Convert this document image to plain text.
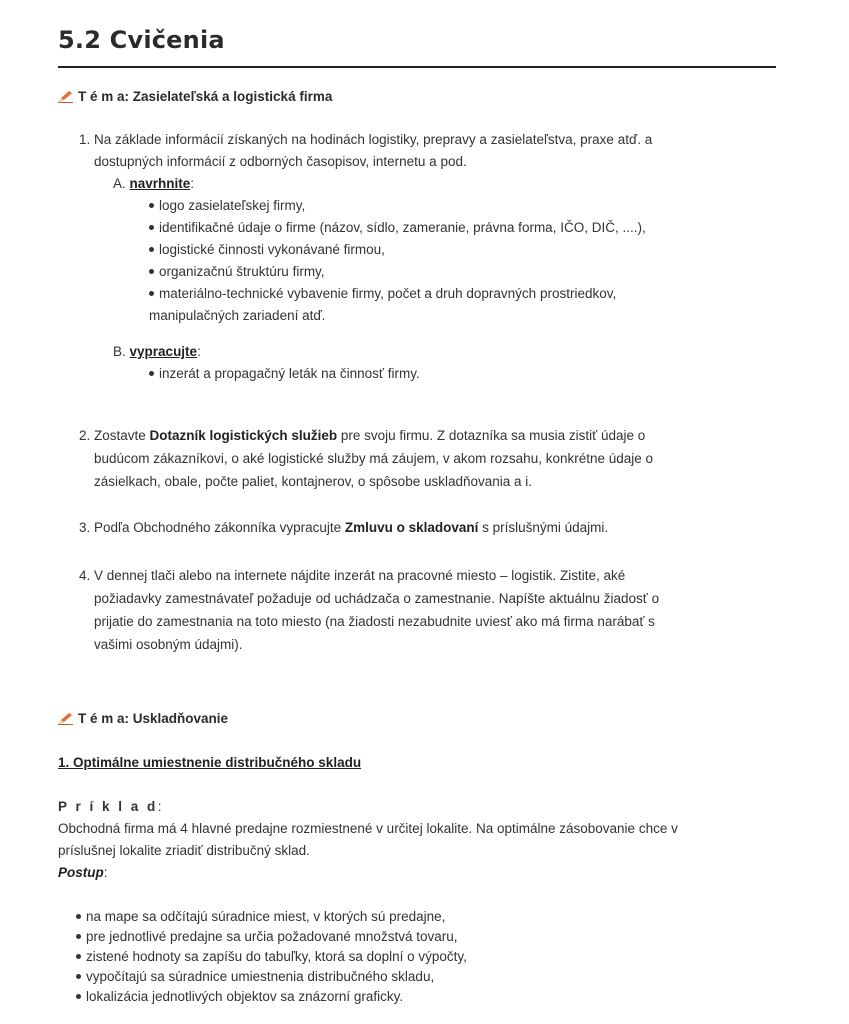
5.2 Cvičenia
T é m a: Zasielateľská a logistická firma
1. Na základe informácií získaných na hodinách logistiky, prepravy a zasielateľstva, praxe atď. a
dostupných informácií z odborných časopisov, internetu a pod.
A. navrhnite:
logo zasielateľskej firmy,
identifikačné údaje o firme (názov, sídlo, zameranie, právna forma, IČO, DIČ, ....),
logistické činnosti vykonávané firmou,
organizačnú štruktúru firmy,
materiálno-technické vybavenie firmy, počet a druh dopravných prostriedkov,
manipulačných zariadení atď.
B. vypracujte:
inzerát a propagačný leták na činnosť firmy.
2. Zostavte Dotazník logistických služieb pre svoju firmu. Z dotazníka sa musia zistiť údaje o
budúcom zákazníkovi, o aké logistické služby má záujem, v akom rozsahu, konkrétne údaje o
zásielkach, obale, počte paliet, kontajnerov, o spôsobe uskladňovania a i.
3. Podľa Obchodného zákonníka vypracujte Zmluvu o skladovaní s príslušnými údajmi.
4. V dennej tlači alebo na internete nájdite inzerát na pracovné miesto – logistik. Zistite, aké
požiadavky zamestnávateľ požaduje od uchádzača o zamestnanie. Napíšte aktuálnu žiadosť o
prijatie do zamestnania na toto miesto (na žiadosti nezabudnite uviesť ako má firma narábať s
vašimi osobným údajmi).
T é m a: Uskladňovanie
1. Optimálne umiestnenie distribučného skladu
P r í k l a d:
Obchodná firma má 4 hlavné predajne rozmiestnené v určitej lokalite. Na optimálne zásobovanie chce v
príslušnej lokalite zriadiť distribučný sklad.
Postup:
na mape sa odčítajú súradnice miest, v ktorých sú predajne,
pre jednotlivé predajne sa určia požadované množstvá tovaru,
zistené hodnoty sa zapíšu do tabuľky, ktorá sa doplní o výpočty,
vypočítajú sa súradnice umiestnenia distribučného skladu,
lokalizácia jednotlivých objektov sa znázorní graficky.
